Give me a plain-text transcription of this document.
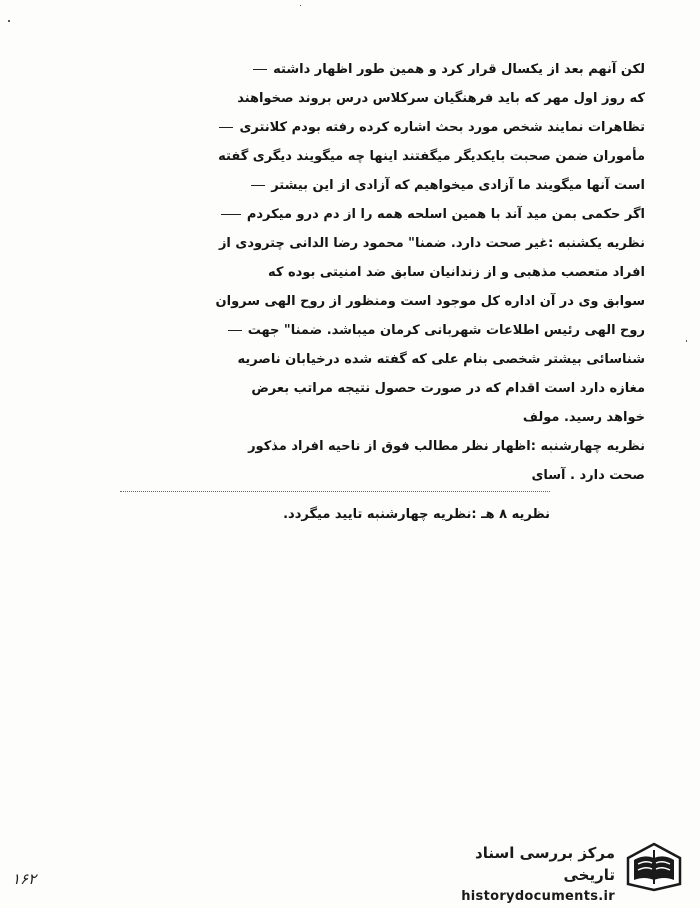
لکن آنهم بعد از یکسال قرار کرد و همین طور اظهار داشته
که روز اول مهر که باید فرهنگیان سرکلاس درس بروند صخواهند
تظاهرات نمایند شخص مورد بحث اشاره کرده رفته بودم کلانتری
مأموران ضمن صحبت بایکدیگر میگفتند اینها چه میگویند دیگری گفته
است آنها میگویند ما آزادی میخواهیم که آزادی از این بیشتر
اگر حکمی بمن مید آند با همین اسلحه همه را از دم درو میکردم
نظریه یکشنبه :غیر صحت دارد. ضمنا" محمود رضا الدانی چترودی از
افراد متعصب مذهبی و از زندانیان سابق ضد امنیتی بوده که
سوابق وی در آن اداره کل موجود است ومنظور از روح الهی سروان
روح الهی رئیس اطلاعات شهربانی کرمان میباشد. ضمنا" جهت
شناسائی بیشتر شخصی بنام علی که گفته شده درخیابان ناصریه
مغازه دارد است اقدام که در صورت حصول نتیجه مراتب بعرض
خواهد رسید. مولف
نظریه چهارشنبه :اظهار نظر مطالب فوق از ناحیه افراد مذکور
صحت دارد . آسای
نظریه ۸ هـ :نظریه چهارشنبه تایید میگردد.
۱۶۲
مرکز بررسی اسناد تاریخی
historydocuments.ir
